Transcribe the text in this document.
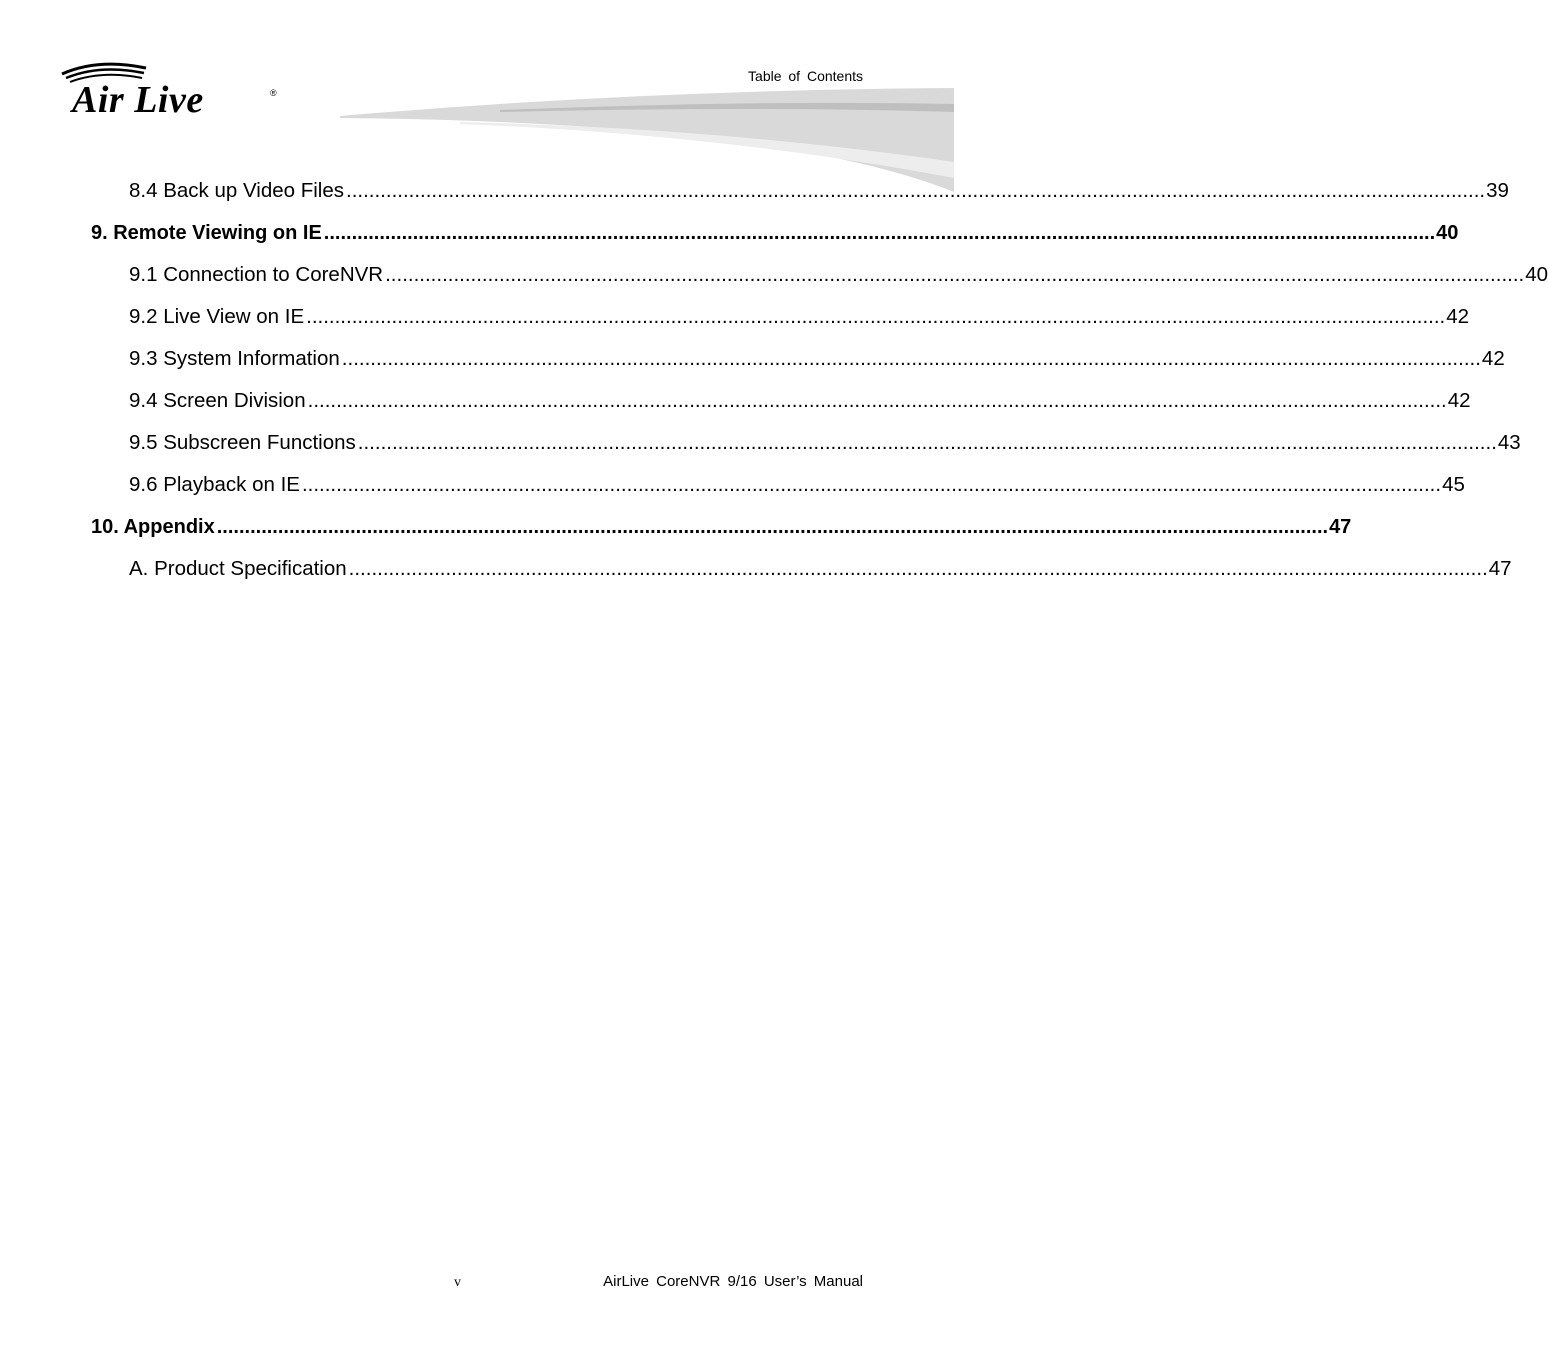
Air Live	®
Table of Contents
8.4 Back up Video Files ........................................................................................................................................................................................................ 39
9. Remote Viewing on IE ........................................................................................................................................................................................................ 40
9.1 Connection to CoreNVR ........................................................................................................................................................................................................ 40
9.2 Live View on IE ........................................................................................................................................................................................................ 42
9.3 System Information ........................................................................................................................................................................................................ 42
9.4 Screen Division ........................................................................................................................................................................................................ 42
9.5 Subscreen Functions ........................................................................................................................................................................................................ 43
9.6 Playback on IE ........................................................................................................................................................................................................ 45
10. Appendix ........................................................................................................................................................................................................ 47
A. Product Specification ........................................................................................................................................................................................................ 47
v	AirLive CoreNVR 9/16 User’s Manual
